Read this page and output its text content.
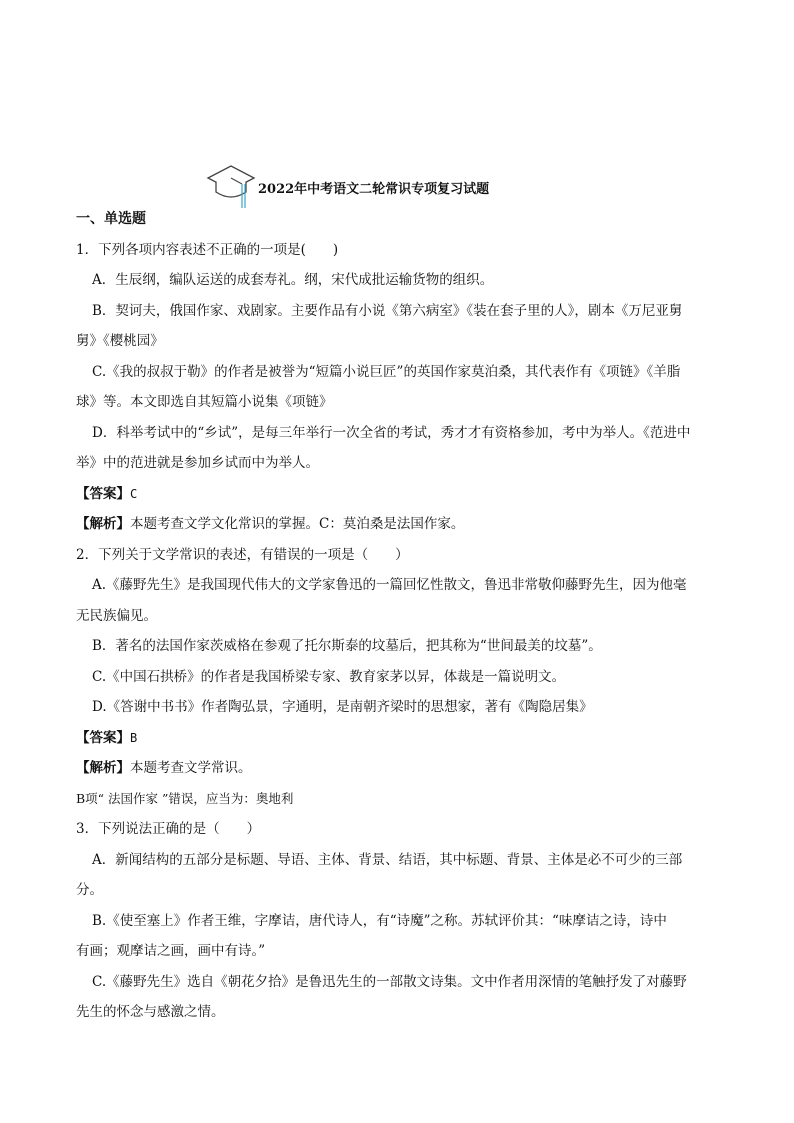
2022年中考语文二轮常识专项复习试题
一、单选题
1．下列各项内容表述不正确的一项是(　　)
A．生辰纲，编队运送的成套寿礼。纲，宋代成批运输货物的组织。
B．契诃夫，俄国作家、戏剧家。主要作品有小说《第六病室》《装在套子里的人》，剧本《万尼亚舅
舅》《樱桃园》
C.《我的叔叔于勒》的作者是被誉为“短篇小说巨匠”的英国作家莫泊桑，其代表作有《项链》《羊脂
球》等。本文即选自其短篇小说集《项链》
D．科举考试中的“乡试”，是每三年举行一次全省的考试，秀才才有资格参加，考中为举人。《范进中
举》中的范进就是参加乡试而中为举人。
【答案】C
【解析】本题考查文学文化常识的掌握。C：莫泊桑是法国作家。
2．下列关于文学常识的表述，有错误的一项是（　　）
A.《藤野先生》是我国现代伟大的文学家鲁迅的一篇回忆性散文，鲁迅非常敬仰藤野先生，因为他毫
无民族偏见。
B．著名的法国作家茨威格在参观了托尔斯泰的坟墓后，把其称为“世间最美的坟墓”。
C.《中国石拱桥》的作者是我国桥梁专家、教育家茅以昇，体裁是一篇说明文。
D.《答谢中书书》作者陶弘景，字通明，是南朝齐梁时的思想家，著有《陶隐居集》
【答案】B
【解析】本题考查文学常识。
B项“ 法国作家 ”错误，应当为：奥地利
3．下列说法正确的是（　　）
A．新闻结构的五部分是标题、导语、主体、背景、结语，其中标题、背景、主体是必不可少的三部
分。
B.《使至塞上》作者王维，字摩诘，唐代诗人，有“诗魔”之称。苏轼评价其：“味摩诘之诗，诗中
有画；观摩诘之画，画中有诗。”
C.《藤野先生》选自《朝花夕拾》是鲁迅先生的一部散文诗集。文中作者用深情的笔触抒发了对藤野
先生的怀念与感激之情。
